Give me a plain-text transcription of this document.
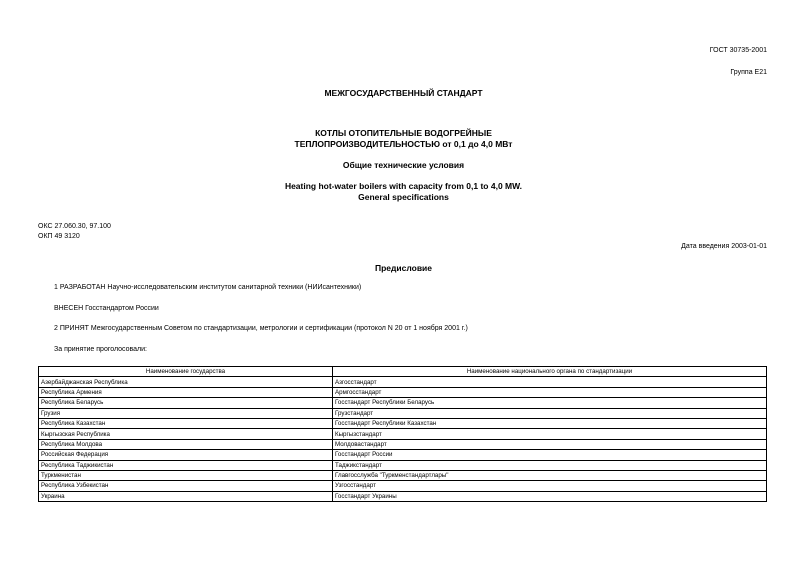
ГОСТ 30735-2001
Группа Е21
МЕЖГОСУДАРСТВЕННЫЙ СТАНДАРТ
КОТЛЫ ОТОПИТЕЛЬНЫЕ ВОДОГРЕЙНЫЕ
ТЕПЛОПРОИЗВОДИТЕЛЬНОСТЬЮ от 0,1 до 4,0 МВт
Общие технические условия
Heating hot-water boilers with capacity from 0,1 to 4,0 MW.
General specifications
ОКС 27.060.30, 97.100
ОКП 49 3120
Дата введения 2003-01-01
Предисловие
1 РАЗРАБОТАН Научно-исследовательским институтом санитарной техники (НИИсантехники)
ВНЕСЕН Госстандартом России
2 ПРИНЯТ Межгосударственным Советом по стандартизации, метрологии и сертификации (протокол N 20 от 1 ноября 2001 г.)
За принятие проголосовали:
Наименование государства	Наименование национального органа по стандартизации
Азербайджанская Республика	Азгосстандарт
Республика Армения	Армгосстандарт
Республика Беларусь	Госстандарт Республики Беларусь
Грузия	Грузстандарт
Республика Казахстан	Госстандарт Республики Казахстан
Кыргызская Республика	Кыргызстандарт
Республика Молдова	Молдовастандарт
Российская Федерация	Госстандарт России
Республика Таджикистан	Таджикстандарт
Туркменистан	Главгосслужба "Туркменстандартлары"
Республика Узбекистан	Узгосстандарт
Украина	Госстандарт Украины
